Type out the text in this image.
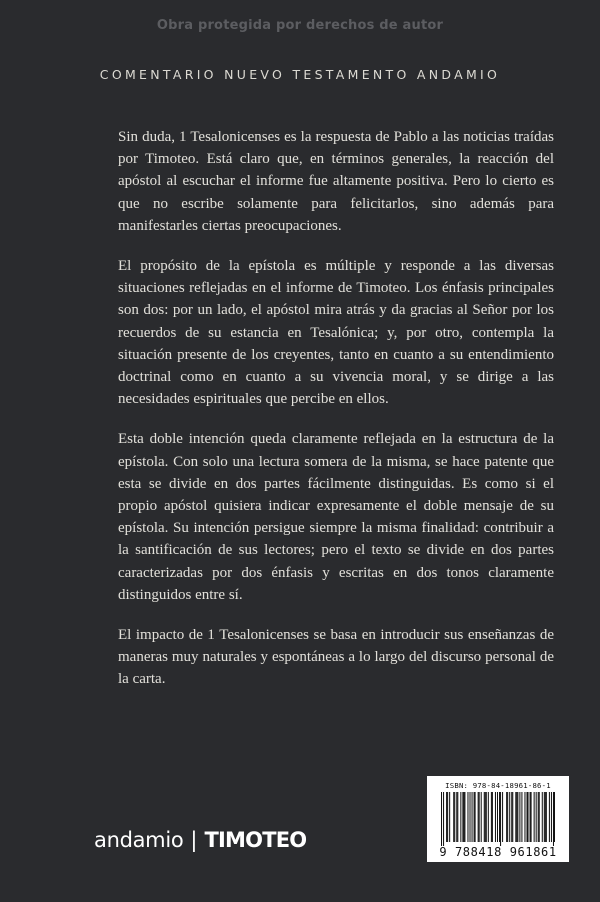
Obra protegida por derechos de autor
COMENTARIO NUEVO TESTAMENTO ANDAMIO

Sin duda, 1 Tesalonicenses es la respuesta de Pablo a las noticias traídas por Timoteo. Está claro que, en términos generales, la reacción del apóstol al escuchar el informe fue altamente positiva. Pero lo cierto es que no escribe solamente para felicitarlos, sino además para manifestarles ciertas preocupaciones.

El propósito de la epístola es múltiple y responde a las diversas situaciones reflejadas en el informe de Timoteo. Los énfasis principales son dos: por un lado, el apóstol mira atrás y da gracias al Señor por los recuerdos de su estancia en Tesalónica; y, por otro, contempla la situación presente de los creyentes, tanto en cuanto a su entendimiento doctrinal como en cuanto a su vivencia moral, y se dirige a las necesidades espirituales que percibe en ellos.

Esta doble intención queda claramente reflejada en la estructura de la epístola. Con solo una lectura somera de la misma, se hace patente que esta se divide en dos partes fácilmente distinguidas. Es como si el propio apóstol quisiera indicar expresamente el doble mensaje de su epístola. Su intención persigue siempre la misma finalidad: contribuir a la santificación de sus lectores; pero el texto se divide en dos partes caracterizadas por dos énfasis y escritas en dos tonos claramente distinguidos entre sí.

El impacto de 1 Tesalonicenses se basa en introducir sus enseñanzas de maneras muy naturales y espontáneas a lo largo del discurso personal de la carta.

andamio | TIMOTEO
ISBN: 978-84-18961-86-1
9 788418 961861
